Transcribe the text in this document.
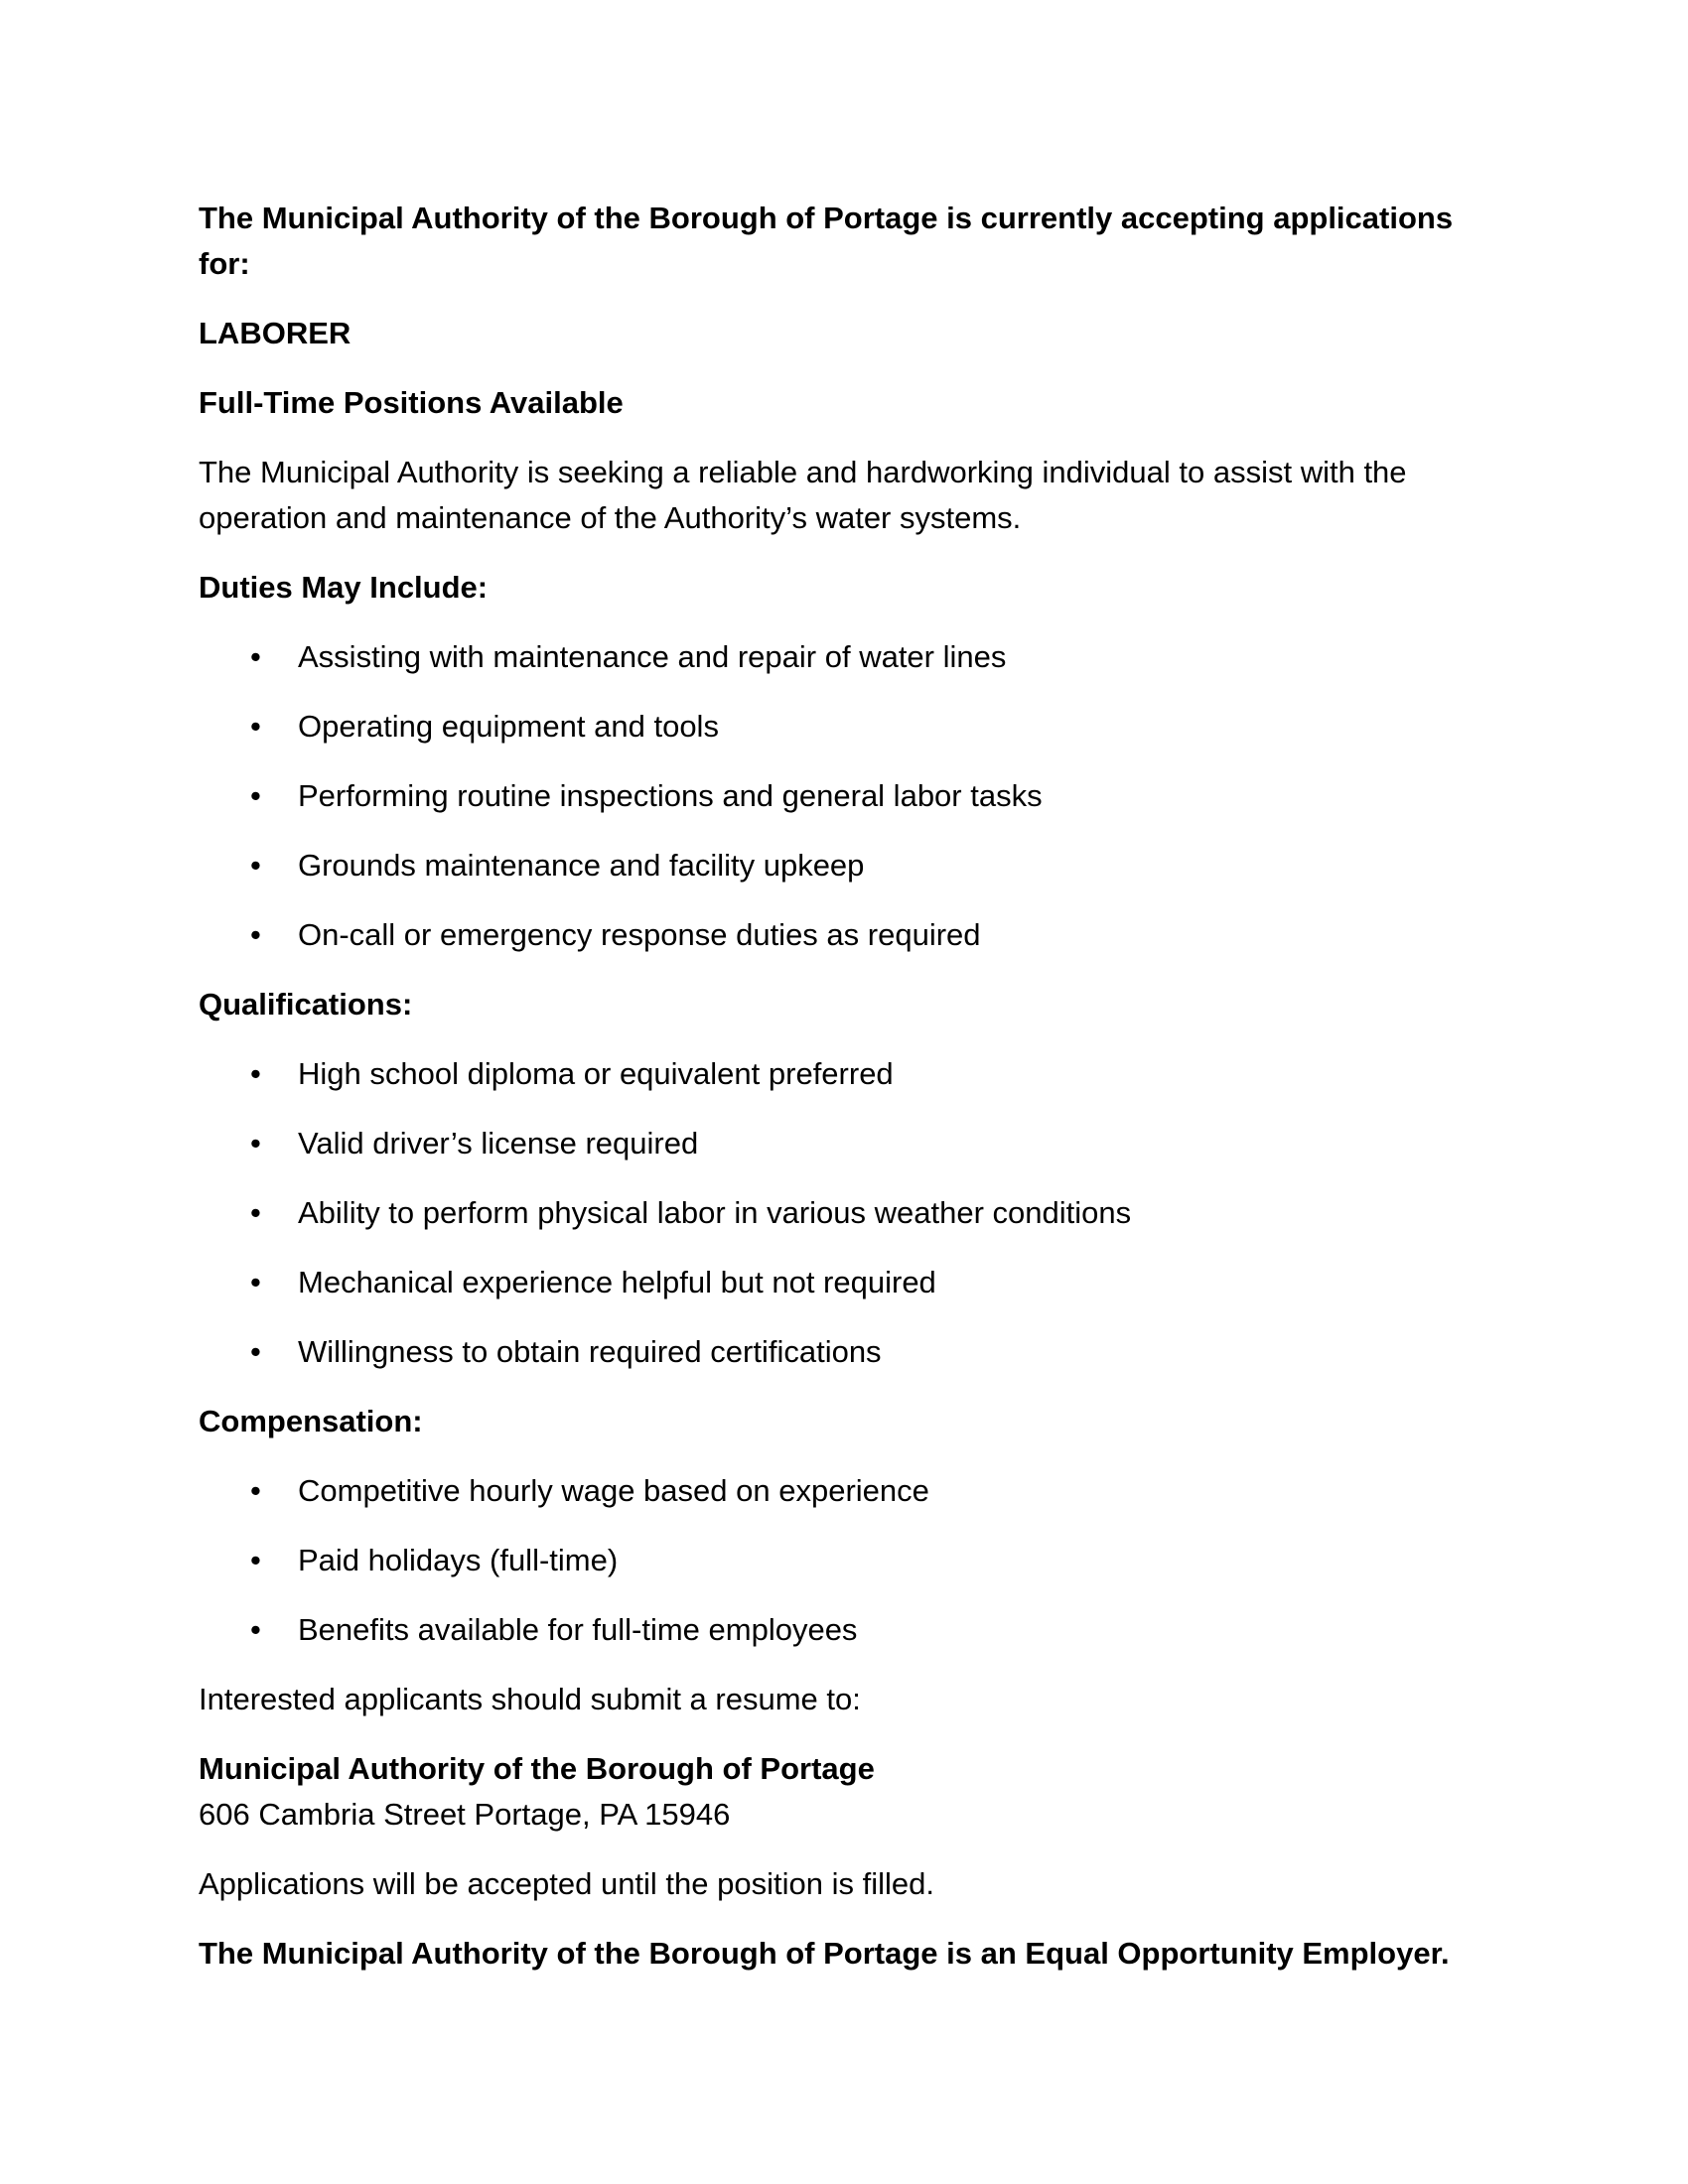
The Municipal Authority of the Borough of Portage is currently accepting applications for:

LABORER

Full-Time Positions Available

The Municipal Authority is seeking a reliable and hardworking individual to assist with the operation and maintenance of the Authority’s water systems.

Duties May Include:

• Assisting with maintenance and repair of water lines
• Operating equipment and tools
• Performing routine inspections and general labor tasks
• Grounds maintenance and facility upkeep
• On-call or emergency response duties as required

Qualifications:

• High school diploma or equivalent preferred
• Valid driver’s license required
• Ability to perform physical labor in various weather conditions
• Mechanical experience helpful but not required
• Willingness to obtain required certifications

Compensation:

• Competitive hourly wage based on experience
• Paid holidays (full-time)
• Benefits available for full-time employees

Interested applicants should submit a resume to:

Municipal Authority of the Borough of Portage
606 Cambria Street Portage, PA 15946

Applications will be accepted until the position is filled.

The Municipal Authority of the Borough of Portage is an Equal Opportunity Employer.
